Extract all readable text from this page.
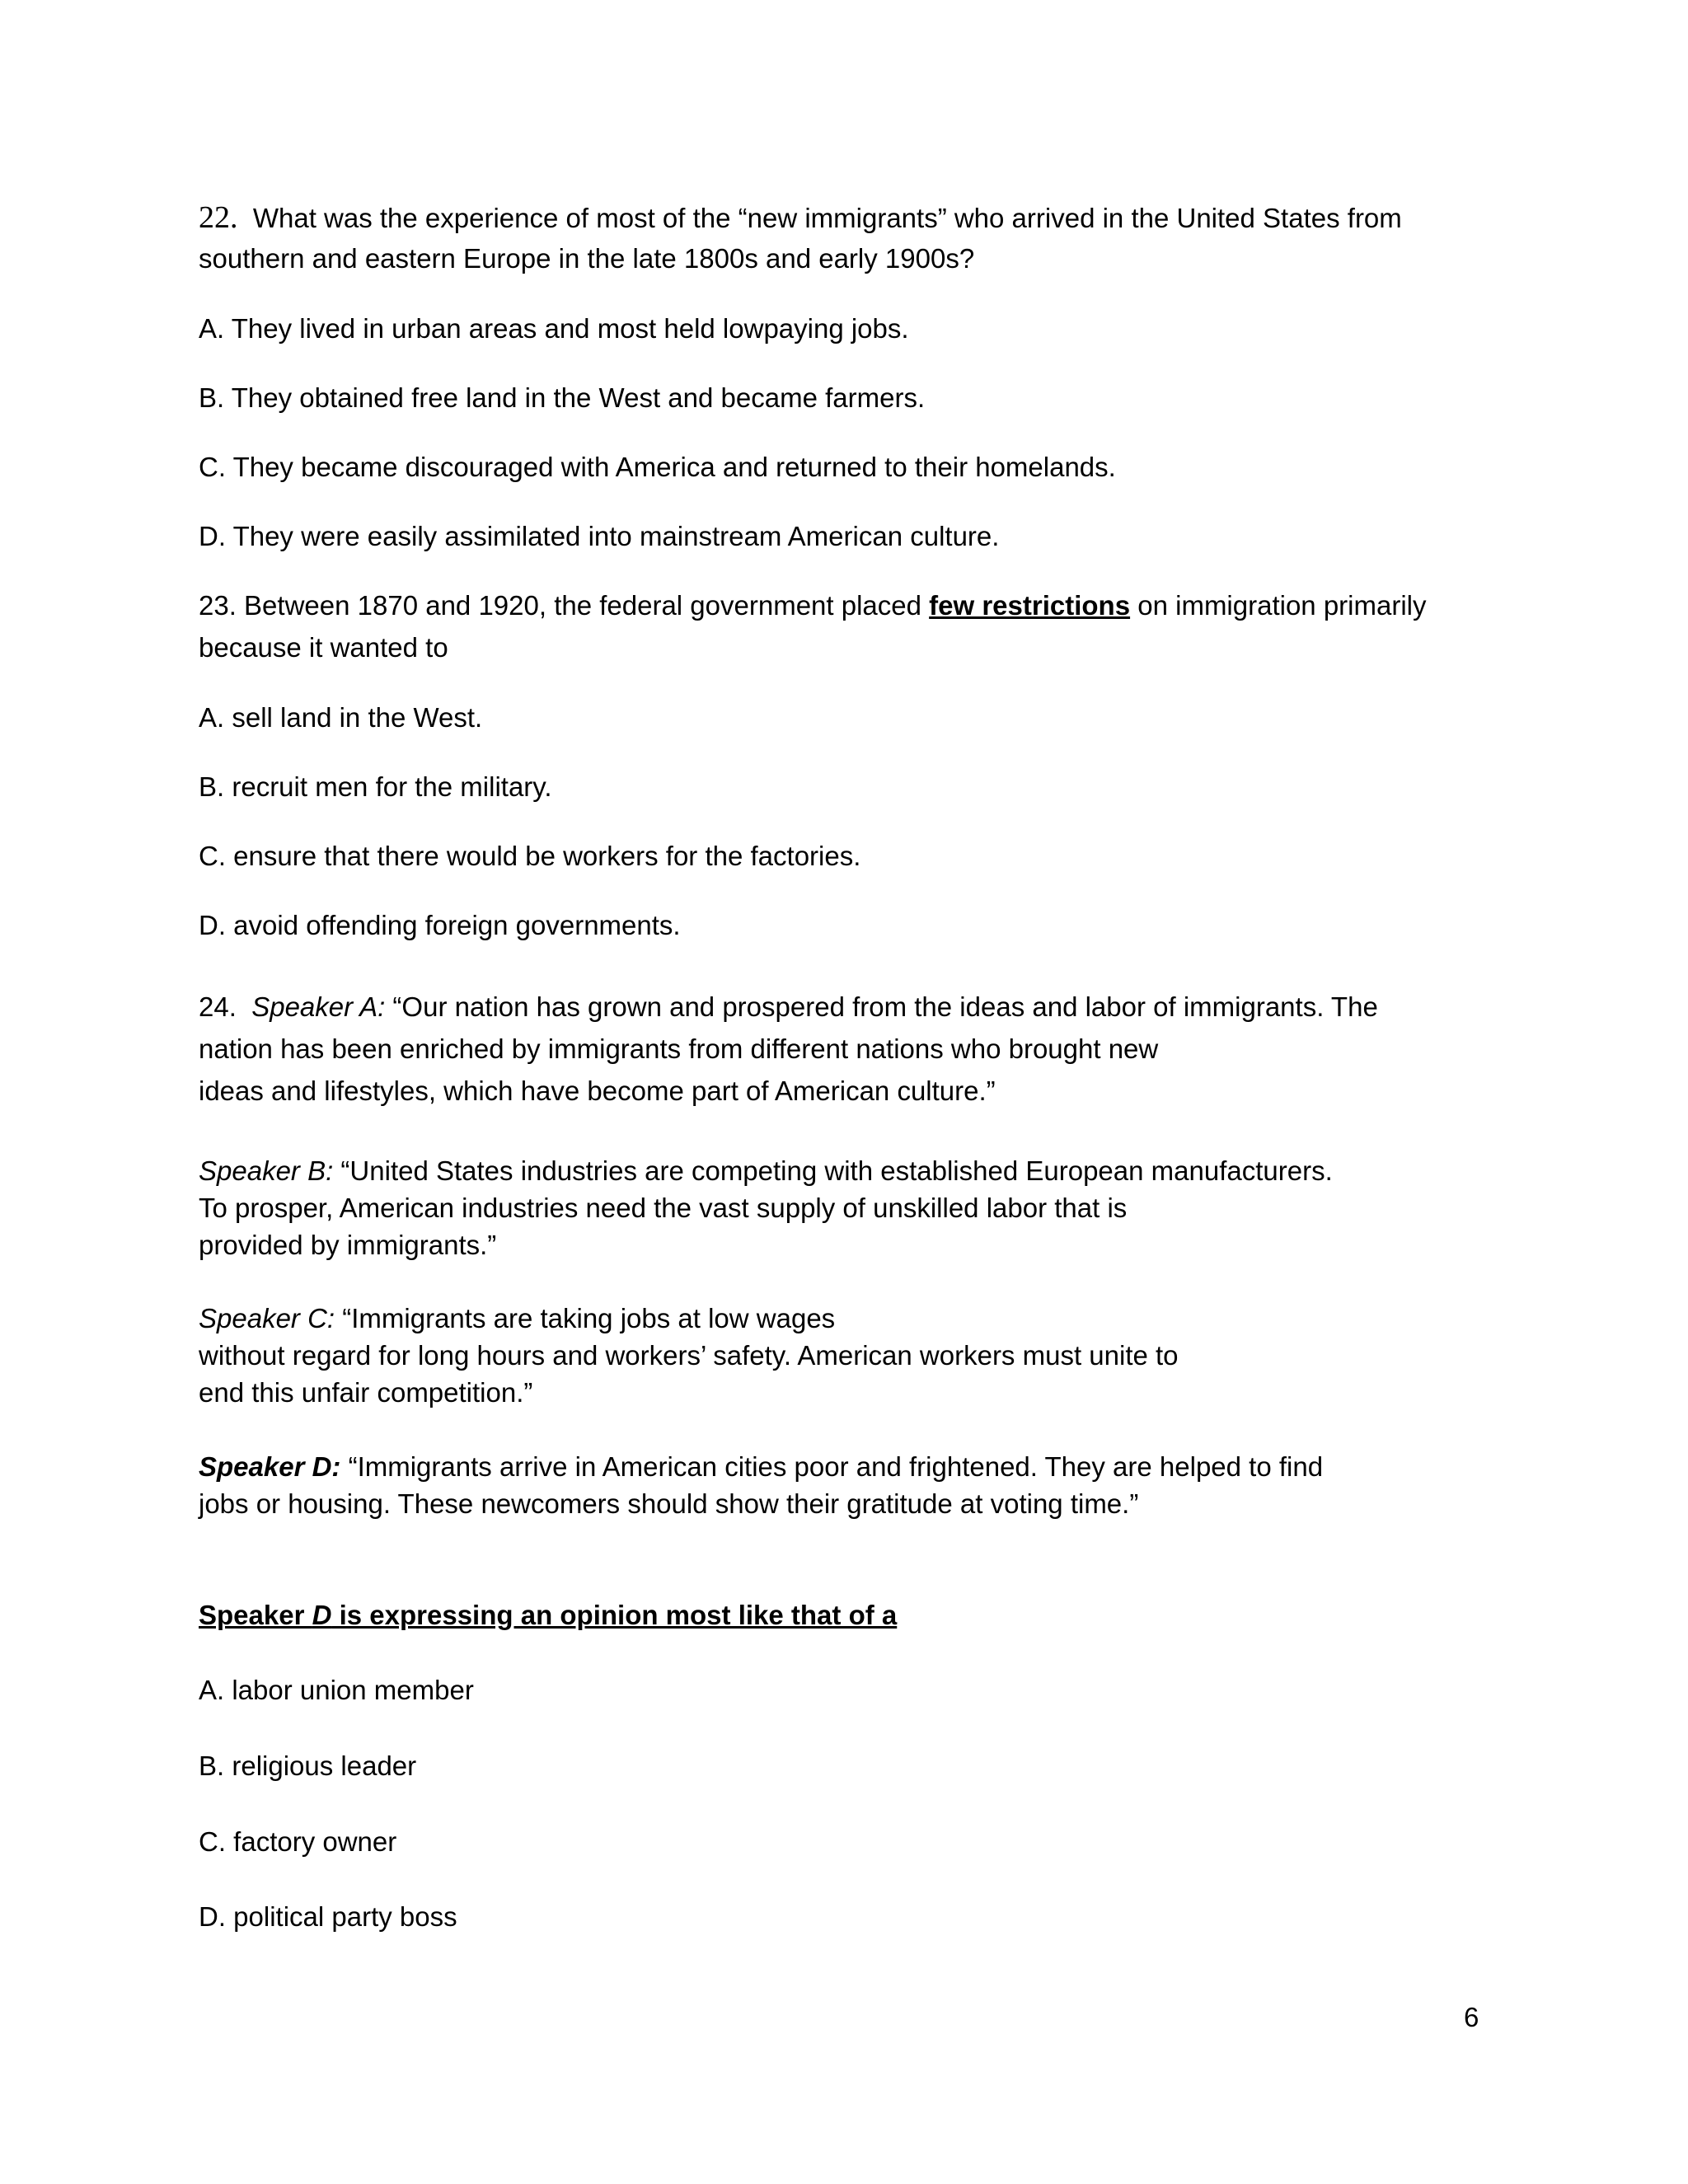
22. What was the experience of most of the “new immigrants” who arrived in the United States from
southern and eastern Europe in the late 1800s and early 1900s?
A. They lived in urban areas and most held lowpaying jobs.
B. They obtained free land in the West and became farmers.
C. They became discouraged with America and returned to their homelands.
D. They were easily assimilated into mainstream American culture.
23. Between 1870 and 1920, the federal government placed few restrictions on immigration primarily
because it wanted to
A. sell land in the West.
B. recruit men for the military.
C. ensure that there would be workers for the factories.
D. avoid offending foreign governments.
24. Speaker A: “Our nation has grown and prospered from the ideas and labor of immigrants. The
nation has been enriched by immigrants from different nations who brought new
ideas and lifestyles, which have become part of American culture.”
Speaker B: “United States industries are competing with established European manufacturers.
To prosper, American industries need the vast supply of unskilled labor that is
provided by immigrants.”
Speaker C: “Immigrants are taking jobs at low wages
without regard for long hours and workers’ safety. American workers must unite to
end this unfair competition.”
Speaker D: “Immigrants arrive in American cities poor and frightened. They are helped to find
jobs or housing. These newcomers should show their gratitude at voting time.”
Speaker D is expressing an opinion most like that of a
A. labor union member
B. religious leader
C. factory owner
D. political party boss
6
